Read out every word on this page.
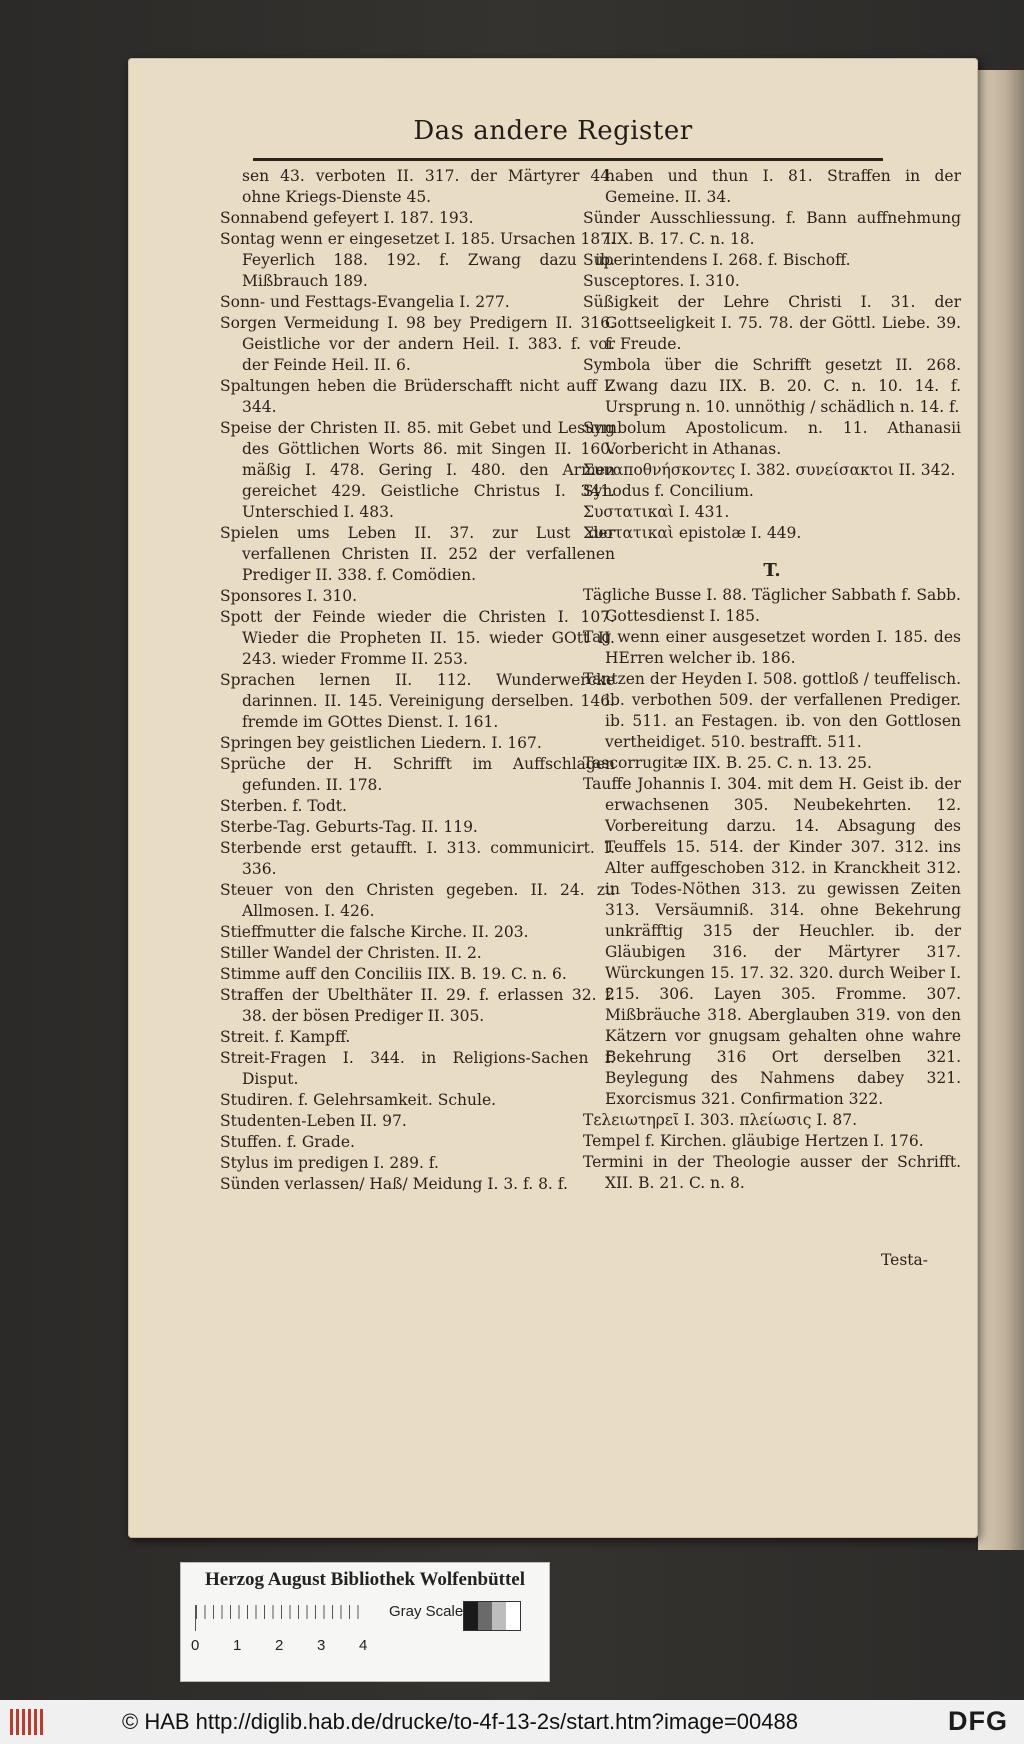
Das andere Register
sen 43. verboten II. 317. der Märtyrer 44. ohne Kriegs-Dienste 45.
Sonnabend gefeyert I. 187. 193.
Sontag wenn er eingesetzet I. 185. Ursachen 187. Feyerlich 188. 192. f. Zwang dazu ib. Mißbrauch 189.
Sonn- und Festtags-Evangelia I. 277.
Sorgen Vermeidung I. 98 bey Predigern II. 316. Geistliche vor der andern Heil. I. 383. f. vor der Feinde Heil. II. 6.
Spaltungen heben die Brüderschafft nicht auff I. 344.
Speise der Christen II. 85. mit Gebet und Lesung des Göttlichen Worts 86. mit Singen II. 160. mäßig I. 478. Gering I. 480. den Armen gereichet 429. Geistliche Christus I. 341. Unterschied I. 483.
Spielen ums Leben II. 37. zur Lust der verfallenen Christen II. 252 der verfallenen Prediger II. 338. f. Comödien.
Sponsores I. 310.
Spott der Feinde wieder die Christen I. 107. Wieder die Propheten II. 15. wieder GOtt II. 243. wieder Fromme II. 253.
Sprachen lernen II. 112. Wunderwercke darinnen. II. 145. Vereinigung derselben. 146. fremde im GOttes Dienst. I. 161.
Springen bey geistlichen Liedern. I. 167.
Sprüche der H. Schrifft im Auffschlagen gefunden. II. 178.
Sterben. f. Todt.
Sterbe-Tag. Geburts-Tag. II. 119.
Sterbende erst getaufft. I. 313. communicirt. I. 336.
Steuer von den Christen gegeben. II. 24. zu Allmosen. I. 426.
Stieffmutter die falsche Kirche. II. 203.
Stiller Wandel der Christen. II. 2.
Stimme auff den Conciliis IIX. B. 19. C. n. 6.
Straffen der Ubelthäter II. 29. f. erlassen 32. f. 38. der bösen Prediger II. 305.
Streit. f. Kampff.
Streit-Fragen I. 344. in Religions-Sachen f. Disput.
Studiren. f. Gelehrsamkeit. Schule.
Studenten-Leben II. 97.
Stuffen. f. Grade.
Stylus im predigen I. 289. f.
Sünden verlassen/ Haß/ Meidung I. 3. f. 8. f.
haben und thun I. 81. Straffen in der Gemeine. II. 34.
Sünder Ausschliessung. f. Bann auffnehmung IIX. B. 17. C. n. 18.
Superintendens I. 268. f. Bischoff.
Susceptores. I. 310.
Süßigkeit der Lehre Christi I. 31. der Gottseeligkeit I. 75. 78. der Göttl. Liebe. 39. f. Freude.
Symbola über die Schrifft gesetzt II. 268. Zwang dazu IIX. B. 20. C. n. 10. 14. f. Ursprung n. 10. unnöthig / schädlich n. 14. f.
Symbolum Apostolicum. n. 11. Athanasii Vorbericht in Athanas.
Συναποθνήσκοντες I. 382. συνείσακτοι II. 342.
Synodus f. Concilium.
Συστατικαὶ I. 431.
Συστατικαὶ epistolæ I. 449.
T.
Tägliche Busse I. 88. Täglicher Sabbath f. Sabb. Gottesdienst I. 185.
Tag wenn einer ausgesetzet worden I. 185. des HErren welcher ib. 186.
Tantzen der Heyden I. 508. gottloß / teuffelisch. ib. verbothen 509. der verfallenen Prediger. ib. 511. an Festagen. ib. von den Gottlosen vertheidiget. 510. bestrafft. 511.
Tascorrugitæ IIX. B. 25. C. n. 13. 25.
Tauffe Johannis I. 304. mit dem H. Geist ib. der erwachsenen 305. Neubekehrten. 12. Vorbereitung darzu. 14. Absagung des Teuffels 15. 514. der Kinder 307. 312. ins Alter auffgeschoben 312. in Kranckheit 312. in Todes-Nöthen 313. zu gewissen Zeiten 313. Versäumniß. 314. ohne Bekehrung unkräfftig 315 der Heuchler. ib. der Gläubigen 316. der Märtyrer 317. Würckungen 15. 17. 32. 320. durch Weiber I. 215. 306. Layen 305. Fromme. 307. Mißbräuche 318. Aberglauben 319. von den Kätzern vor gnugsam gehalten ohne wahre Bekehrung 316 Ort derselben 321. Beylegung des Nahmens dabey 321. Exorcismus 321. Confirmation 322.
Τελειωτηρεῖ I. 303. πλείωσις I. 87.
Tempel f. Kirchen. gläubige Hertzen I. 176.
Termini in der Theologie ausser der Schrifft. XII. B. 21. C. n. 8.
Testa-
Herzog August Bibliothek Wolfenbüttel
0 1 2 3 4
Gray Scale
© HAB http://diglib.hab.de/drucke/to-4f-13-2s/start.htm?image=00488	DFG
